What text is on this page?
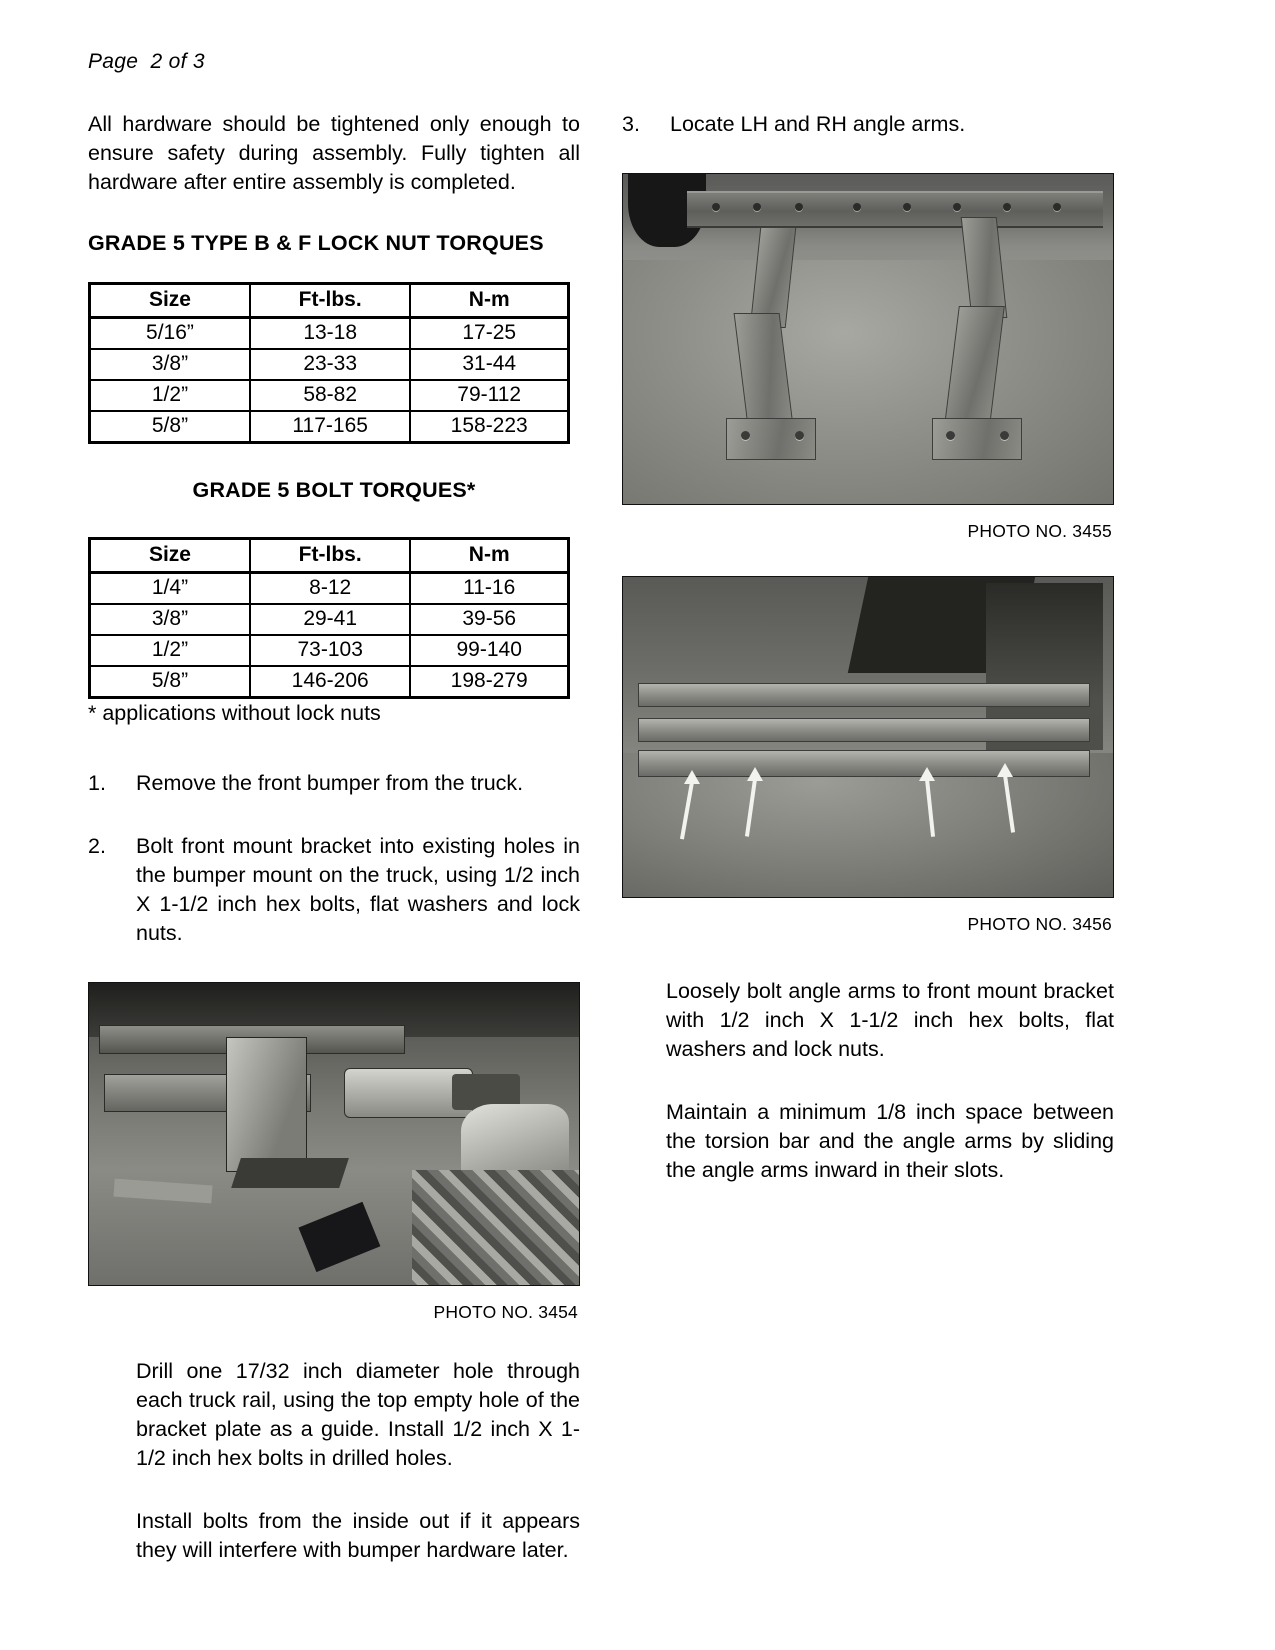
Page  2 of 3

All hardware should be tightened only enough to ensure safety during assembly. Fully tighten all hardware after entire assembly is completed.

GRADE 5 TYPE B & F LOCK NUT TORQUES

Size	Ft-lbs.	N-m
5/16”	13-18	17-25
3/8”	23-33	31-44
1/2”	58-82	79-112
5/8”	117-165	158-223

GRADE 5 BOLT TORQUES*

Size	Ft-lbs.	N-m
1/4”	8-12	11-16
3/8”	29-41	39-56
1/2”	73-103	99-140
5/8”	146-206	198-279

* applications without lock nuts

1.	Remove the front bumper from the truck.
2.	Bolt front mount bracket into existing holes in the bumper mount on the truck, using 1/2 inch X 1-1/2 inch hex bolts, flat washers and lock nuts.
PHOTO NO. 3454

Drill one 17/32 inch diameter hole through each truck rail, using the top empty hole of the bracket plate as a guide. Install 1/2 inch X 1-1/2 inch hex bolts in drilled holes.

Install bolts from the inside out if it appears they will interfere with bumper hardware later.

3.	Locate LH and RH angle arms.
PHOTO NO. 3455
PHOTO NO. 3456

Loosely bolt angle arms to front mount bracket with 1/2 inch X 1-1/2 inch hex bolts, flat washers and lock nuts.

Maintain a minimum 1/8 inch space between the torsion bar and the angle arms by sliding the angle arms inward in their slots.
